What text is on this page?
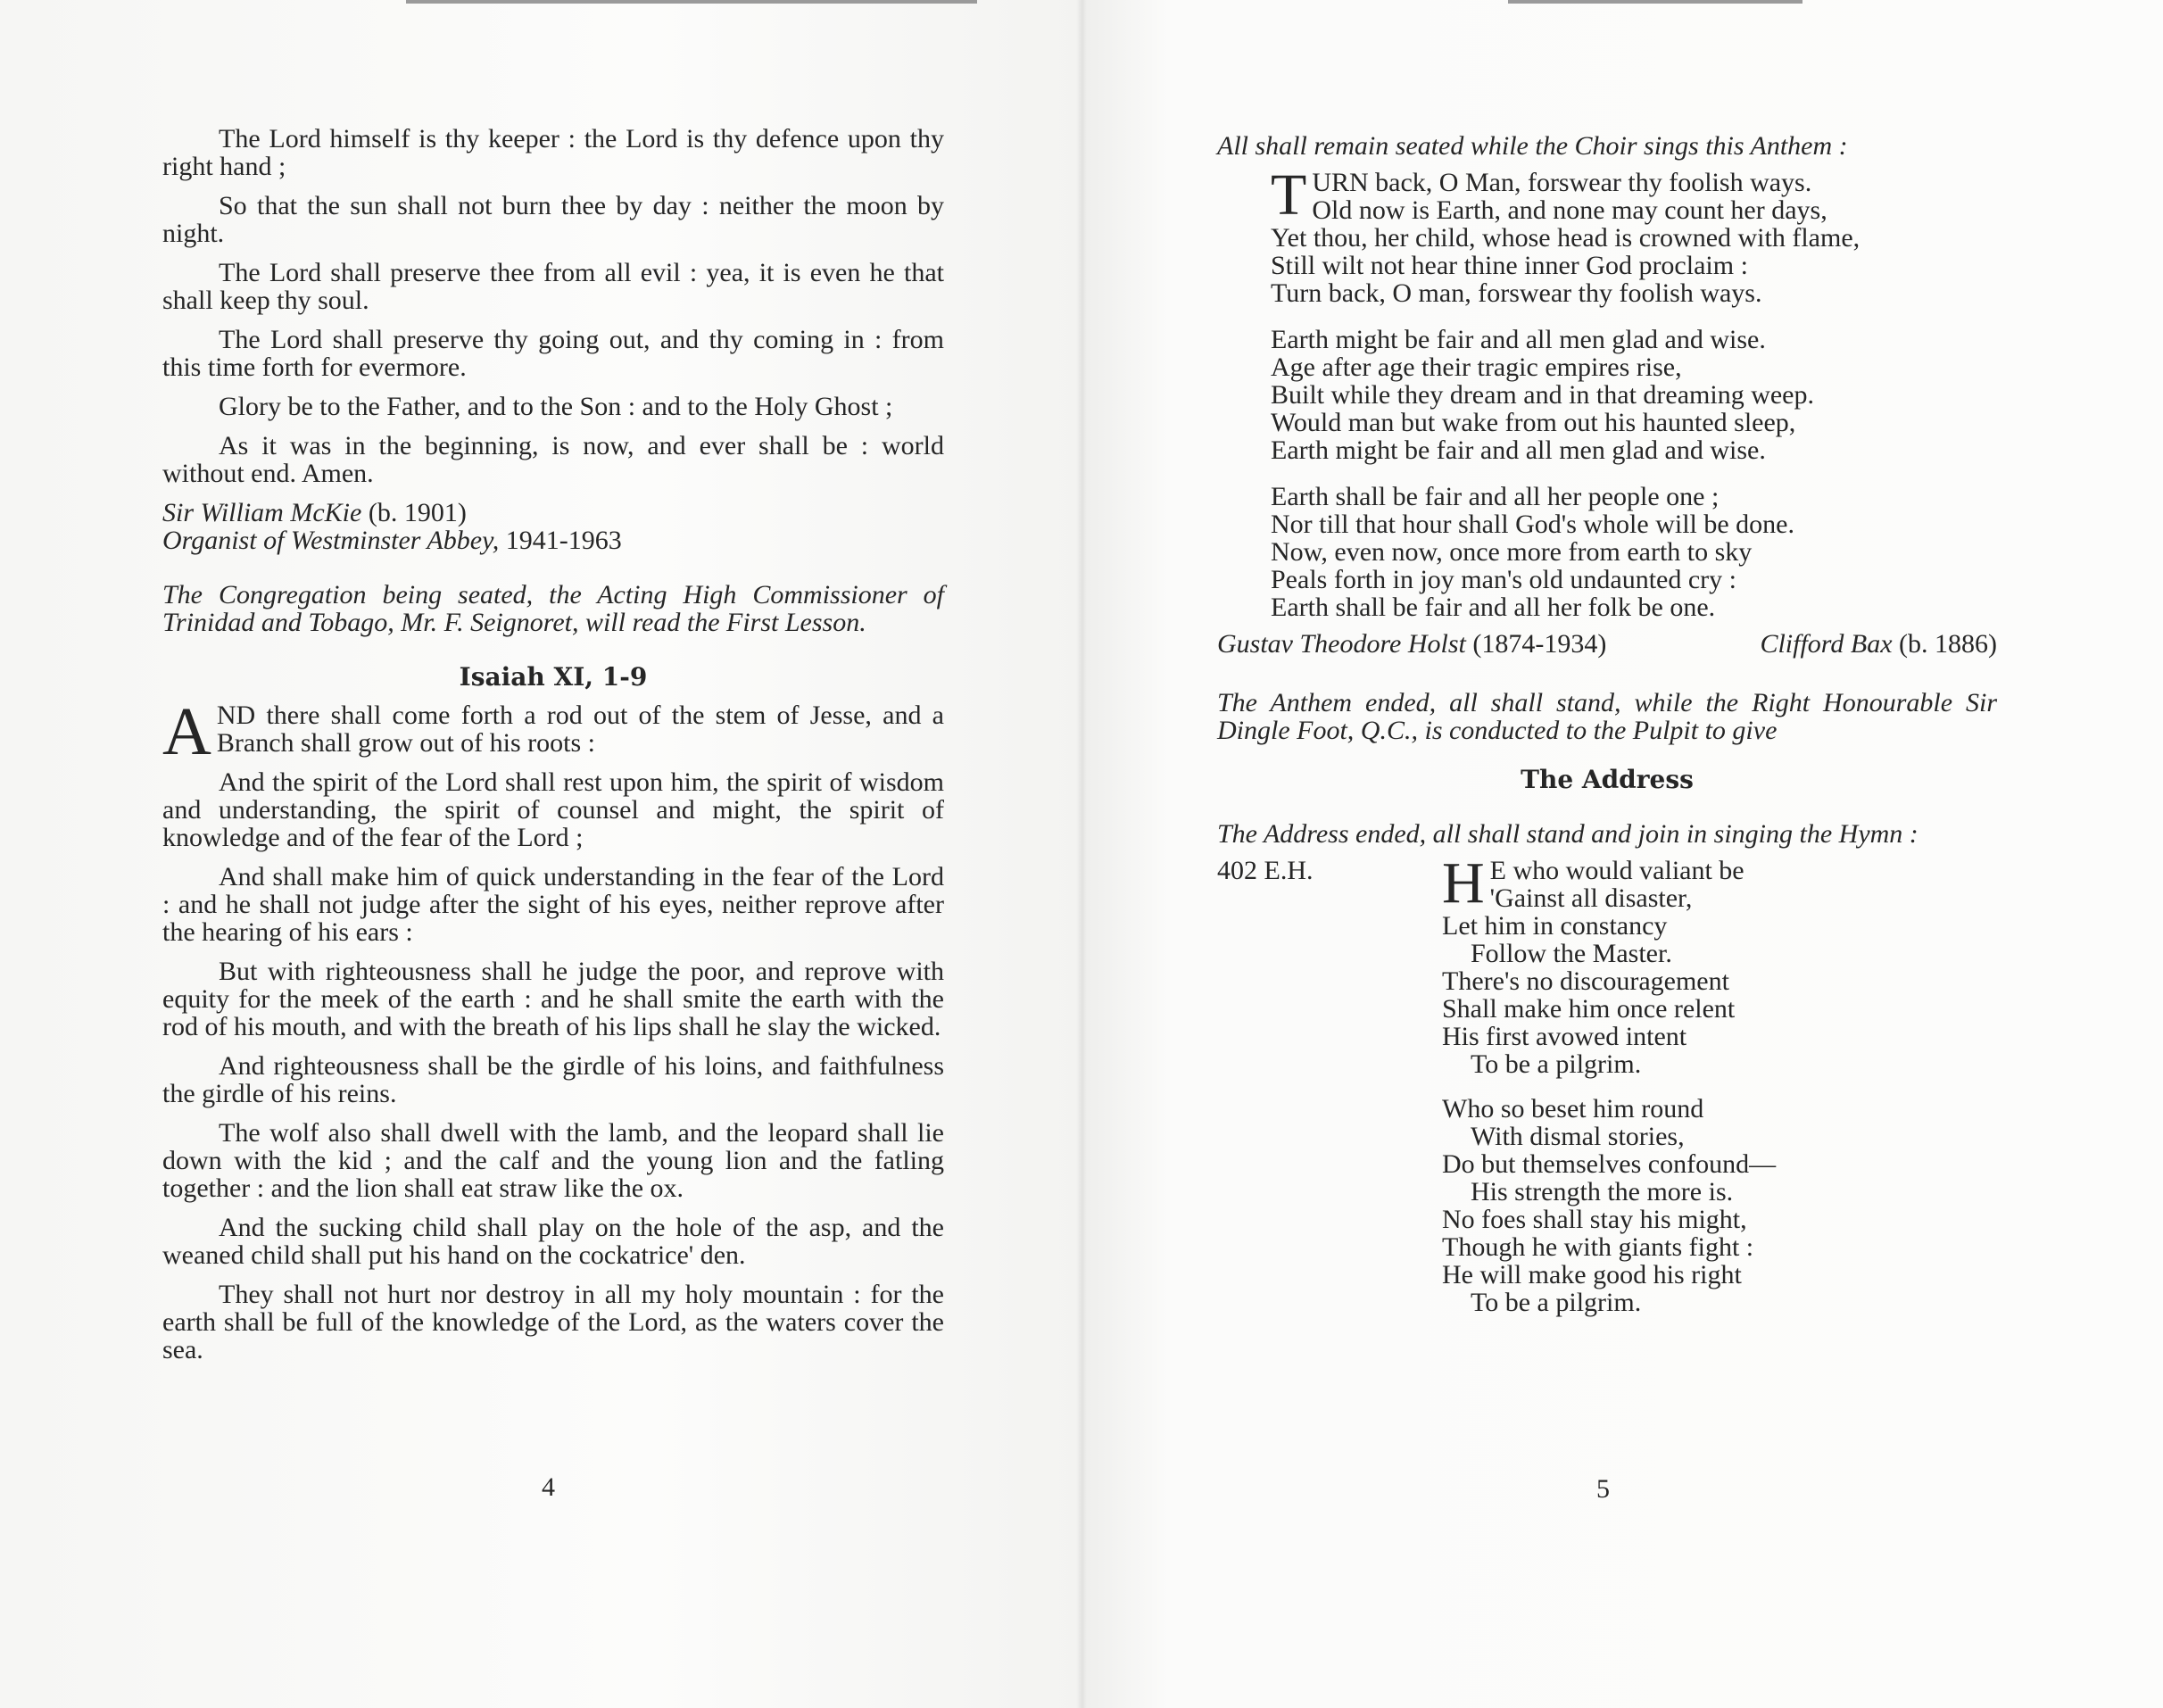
The Lord himself is thy keeper : the Lord is thy defence upon thy right hand ;

So that the sun shall not burn thee by day : neither the moon by night.

The Lord shall preserve thee from all evil : yea, it is even he that shall keep thy soul.

The Lord shall preserve thy going out, and thy coming in : from this time forth for evermore.

Glory be to the Father, and to the Son : and to the Holy Ghost ;

As it was in the beginning, is now, and ever shall be : world without end. Amen.

Sir William McKie (b. 1901)

Organist of Westminster Abbey, 1941-1963

The Congregation being seated, the Acting High Commissioner of Trinidad and Tobago, Mr. F. Seignoret, will read the First Lesson.

Isaiah XI, 1-9

AND there shall come forth a rod out of the stem of Jesse, and a Branch shall grow out of his roots :

And the spirit of the Lord shall rest upon him, the spirit of wisdom and understanding, the spirit of counsel and might, the spirit of knowledge and of the fear of the Lord ;

And shall make him of quick understanding in the fear of the Lord : and he shall not judge after the sight of his eyes, neither reprove after the hearing of his ears :

But with righteousness shall he judge the poor, and reprove with equity for the meek of the earth : and he shall smite the earth with the rod of his mouth, and with the breath of his lips shall he slay the wicked.

And righteousness shall be the girdle of his loins, and faithfulness the girdle of his reins.

The wolf also shall dwell with the lamb, and the leopard shall lie down with the kid ; and the calf and the young lion and the fatling together : and the lion shall eat straw like the ox.

And the sucking child shall play on the hole of the asp, and the weaned child shall put his hand on the cockatrice' den.

They shall not hurt nor destroy in all my holy mountain : for the earth shall be full of the knowledge of the Lord, as the waters cover the sea.

4

All shall remain seated while the Choir sings this Anthem :

T URN back, O Man, forswear thy foolish ways.
Old now is Earth, and none may count her days,
Yet thou, her child, whose head is crowned with flame,
Still wilt not hear thine inner God proclaim :
Turn back, O man, forswear thy foolish ways.
Earth might be fair and all men glad and wise.
Age after age their tragic empires rise,
Built while they dream and in that dreaming weep.
Would man but wake from out his haunted sleep,
Earth might be fair and all men glad and wise.
Earth shall be fair and all her people one ;
Nor till that hour shall God's whole will be done.
Now, even now, once more from earth to sky
Peals forth in joy man's old undaunted cry :
Earth shall be fair and all her folk be one.
Gustav Theodore Holst (1874-1934)	Clifford Bax (b. 1886)

The Anthem ended, all shall stand, while the Right Honourable Sir Dingle Foot, Q.C., is conducted to the Pulpit to give

The Address

The Address ended, all shall stand and join in singing the Hymn :

402 E.H. H E who would valiant be
'Gainst all disaster,
Let him in constancy
Follow the Master.
There's no discouragement
Shall make him once relent
His first avowed intent
To be a pilgrim.
Who so beset him round
With dismal stories,
Do but themselves confound—
His strength the more is.
No foes shall stay his might,
Though he with giants fight :
He will make good his right
To be a pilgrim.
5
